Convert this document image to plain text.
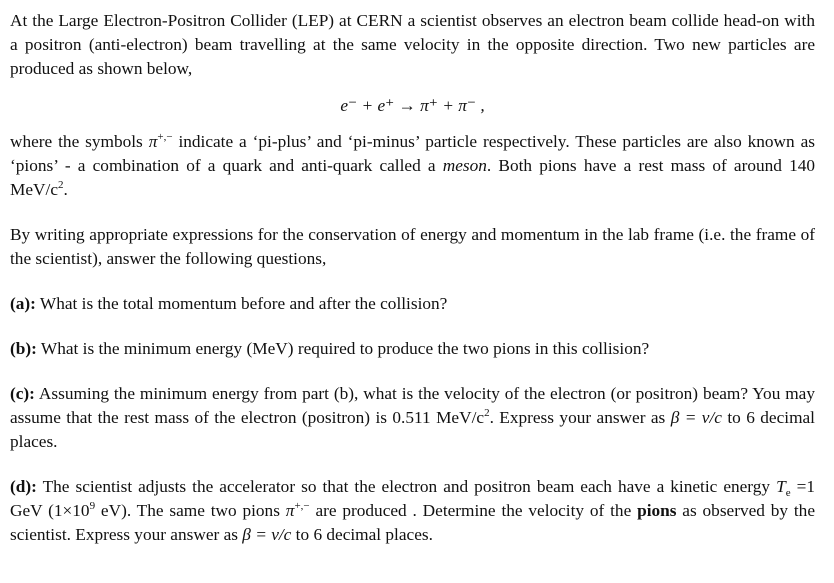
At the Large Electron-Positron Collider (LEP) at CERN a scientist observes an electron beam collide head-on with a positron (anti-electron) beam travelling at the same velocity in the opposite direction. Two new particles are produced as shown below,

e⁻ + e⁺ → π⁺ + π⁻ ,

where the symbols π+,− indicate a ‘pi-plus’ and ‘pi-minus’ particle respectively. These particles are also known as ‘pions’ - a combination of a quark and anti-quark called a meson. Both pions have a rest mass of around 140 MeV/$c^2$.

By writing appropriate expressions for the conservation of energy and momentum in the lab frame (i.e. the frame of the scientist), answer the following questions,

(a): What is the total momentum before and after the collision?

(b): What is the minimum energy (MeV) required to produce the two pions in this collision?

(c): Assuming the minimum energy from part (b), what is the velocity of the electron (or positron) beam? You may assume that the rest mass of the electron (positron) is 0.511 MeV/$c^2$. Express your answer as β = v/c to 6 decimal places.

(d): The scientist adjusts the accelerator so that the electron and positron beam each have a kinetic energy $T_e =1$ GeV ($1\times 10^9$ eV). The same two pions π+,− are produced . Determine the velocity of the pions as observed by the scientist. Express your answer as β = v/c to 6 decimal places.
